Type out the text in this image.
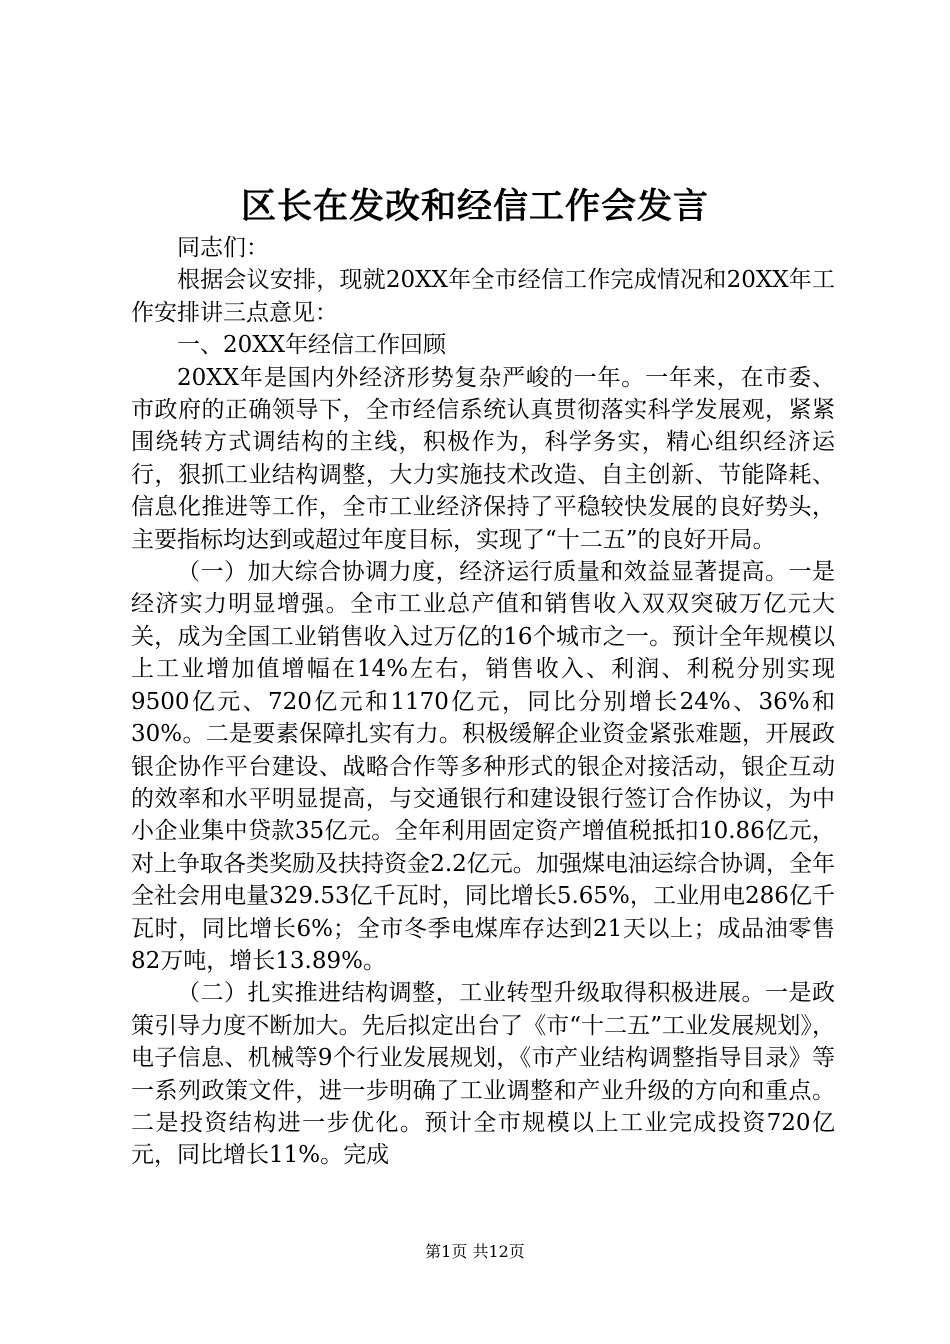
区长在发改和经信工作会发言

同志们：

根据会议安排，现就20XX年全市经信工作完成情况和20XX年工作安排讲三点意见：

一、20XX年经信工作回顾

20XX年是国内外经济形势复杂严峻的一年。一年来，在市委、市政府的正确领导下，全市经信系统认真贯彻落实科学发展观，紧紧围绕转方式调结构的主线，积极作为，科学务实，精心组织经济运行，狠抓工业结构调整，大力实施技术改造、自主创新、节能降耗、信息化推进等工作，全市工业经济保持了平稳较快发展的良好势头，主要指标均达到或超过年度目标，实现了“十二五”的良好开局。

（一）加大综合协调力度，经济运行质量和效益显著提高。一是经济实力明显增强。全市工业总产值和销售收入双双突破万亿元大关，成为全国工业销售收入过万亿的16个城市之一。预计全年规模以上工业增加值增幅在14%左右，销售收入、利润、利税分别实现9500亿元、720亿元和1170亿元，同比分别增长24%、36%和30%。二是要素保障扎实有力。积极缓解企业资金紧张难题，开展政银企协作平台建设、战略合作等多种形式的银企对接活动，银企互动的效率和水平明显提高，与交通银行和建设银行签订合作协议，为中小企业集中贷款35亿元。全年利用固定资产增值税抵扣10.86亿元，对上争取各类奖励及扶持资金2.2亿元。加强煤电油运综合协调，全年全社会用电量329.53亿千瓦时，同比增长5.65%，工业用电286亿千瓦时，同比增长6%；全市冬季电煤库存达到21天以上；成品油零售82万吨，增长13.89%。

（二）扎实推进结构调整，工业转型升级取得积极进展。一是政策引导力度不断加大。先后拟定出台了《市“十二五”工业发展规划》，电子信息、机械等9个行业发展规划，《市产业结构调整指导目录》等一系列政策文件，进一步明确了工业调整和产业升级的方向和重点。二是投资结构进一步优化。预计全市规模以上工业完成投资720亿元，同比增长11%。完成

第1页 共12页
